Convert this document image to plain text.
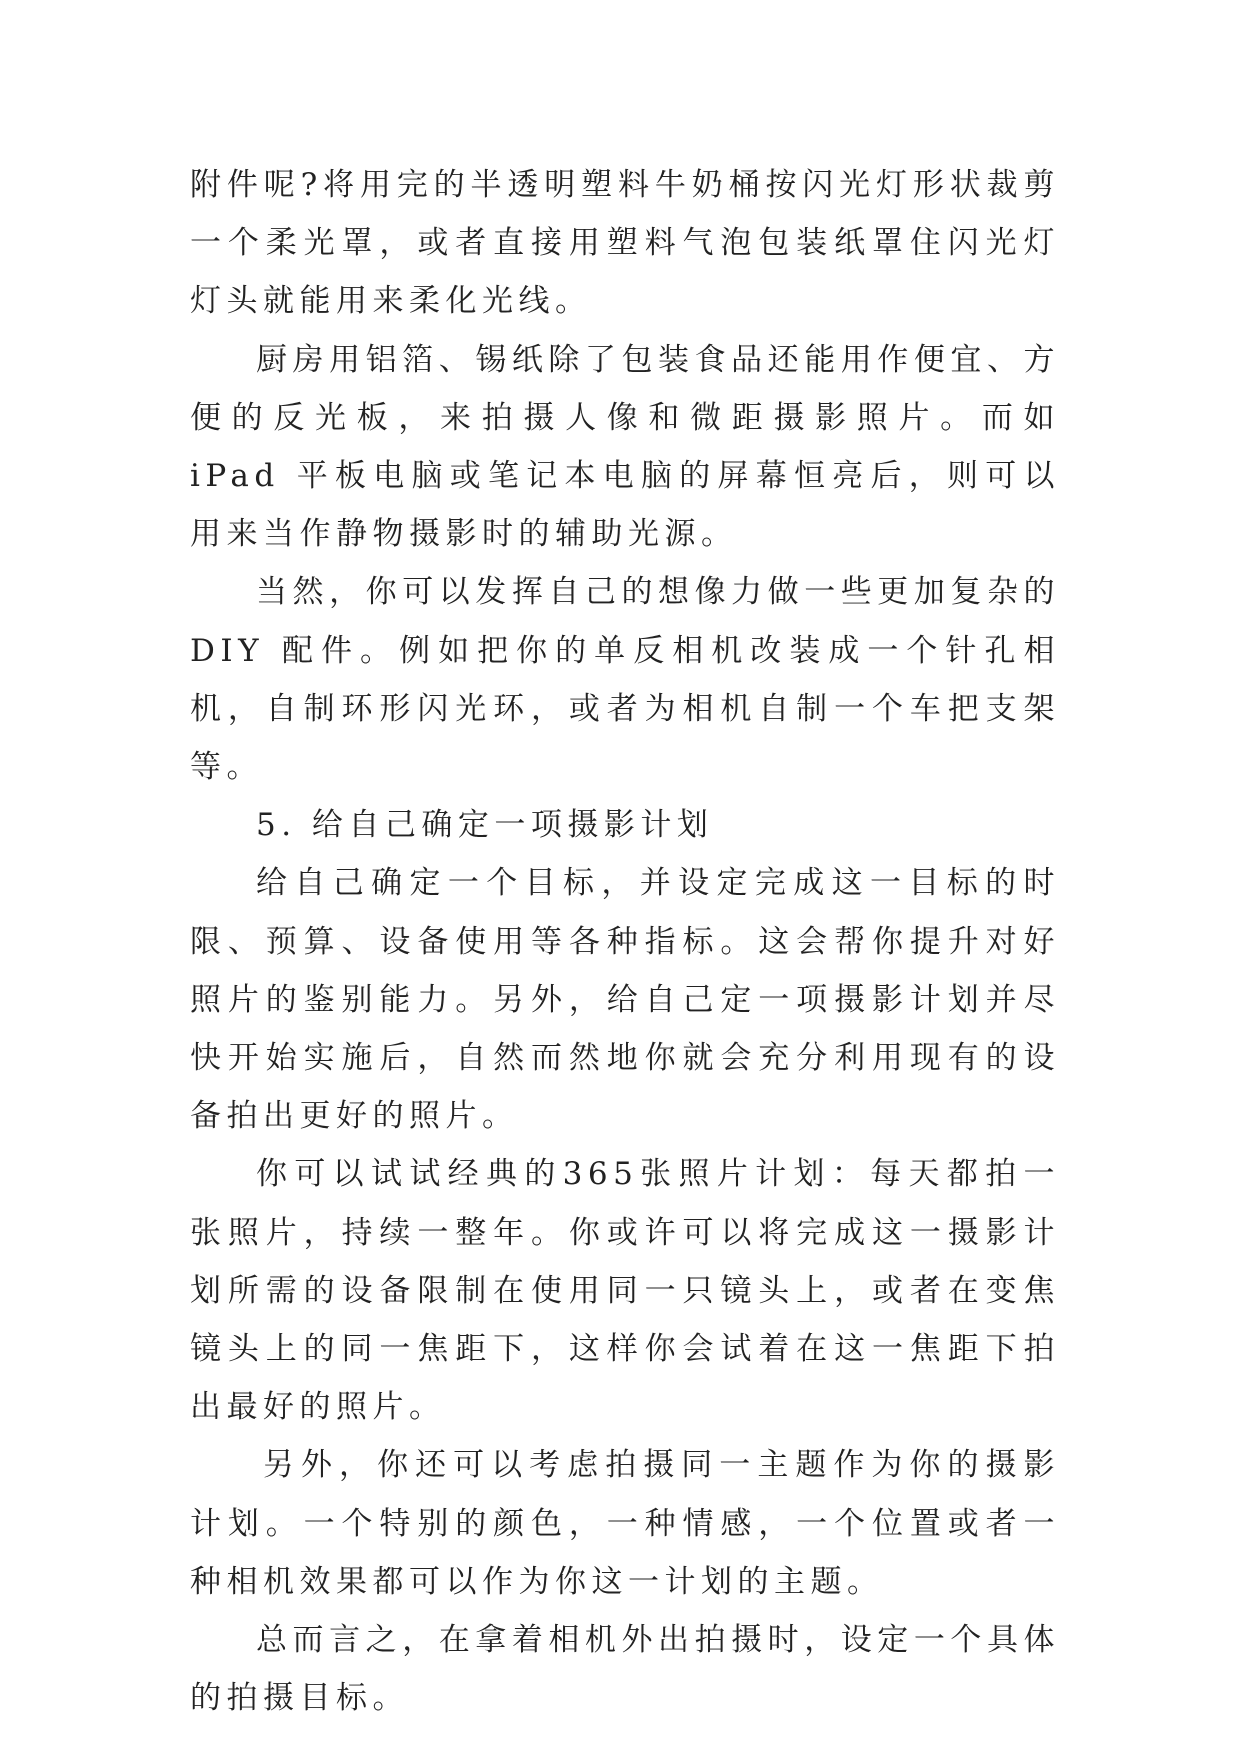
附件呢?将用完的半透明塑料牛奶桶按闪光灯形状裁剪一个柔光罩，或者直接用塑料气泡包装纸罩住闪光灯灯头就能用来柔化光线。

厨房用铝箔、锡纸除了包装食品还能用作便宜、方便的反光板，来拍摄人像和微距摄影照片。而如 iPad 平板电脑或笔记本电脑的屏幕恒亮后，则可以用来当作静物摄影时的辅助光源。

当然，你可以发挥自己的想像力做一些更加复杂的 DIY 配件。例如把你的单反相机改装成一个针孔相机，自制环形闪光环，或者为相机自制一个车把支架等。

5. 给自己确定一项摄影计划

给自己确定一个目标，并设定完成这一目标的时限、预算、设备使用等各种指标。这会帮你提升对好照片的鉴别能力。另外，给自己定一项摄影计划并尽快开始实施后，自然而然地你就会充分利用现有的设备拍出更好的照片。

你可以试试经典的365张照片计划：每天都拍一张照片，持续一整年。你或许可以将完成这一摄影计划所需的设备限制在使用同一只镜头上，或者在变焦镜头上的同一焦距下，这样你会试着在这一焦距下拍出最好的照片。

另外，你还可以考虑拍摄同一主题作为你的摄影计划。一个特别的颜色，一种情感，一个位置或者一种相机效果都可以作为你这一计划的主题。

总而言之，在拿着相机外出拍摄时，设定一个具体的拍摄目标。
